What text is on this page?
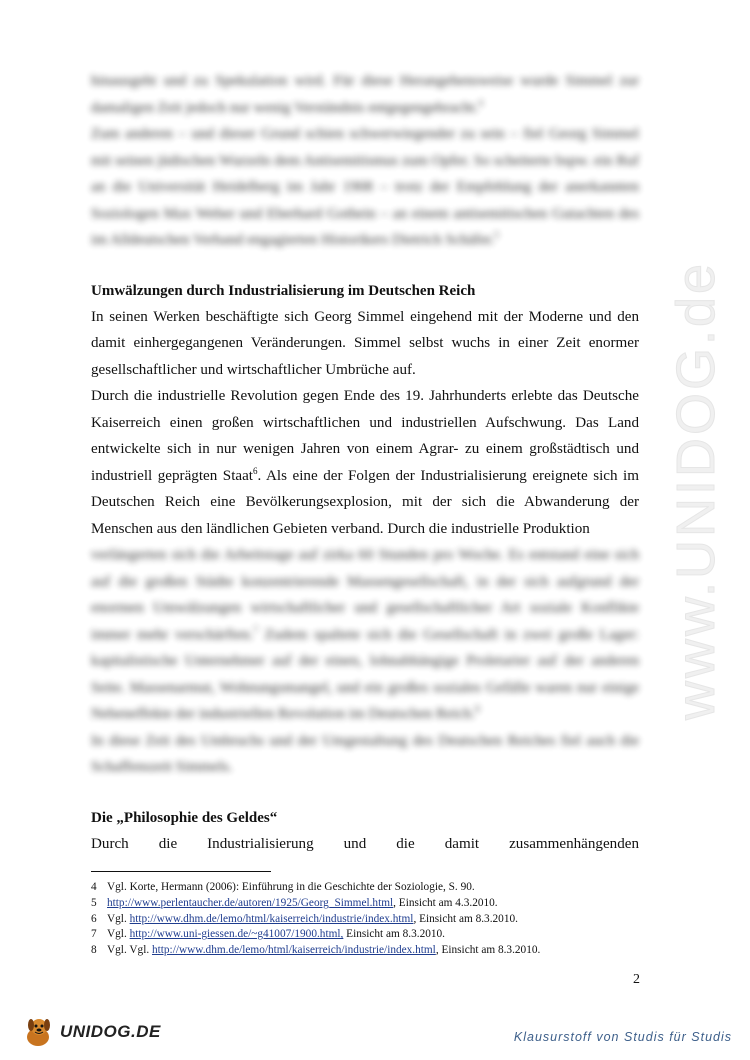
www.UNIDOG.de

hinausgeht und zu Spekulation wird. Für diese Herangehensweise wurde Simmel zur damaligen Zeit jedoch nur wenig Verständnis entgegengebracht.$^4$

Zum anderen – und dieser Grund schien schwerwiegender zu sein – fiel Georg Simmel mit seinen jüdischen Wurzeln dem Antisemitismus zum Opfer. So scheiterte bspw. ein Ruf an die Universität Heidelberg im Jahr 1908 – trotz der Empfehlung der anerkannten Soziologen Max Weber und Eberhard Gothein – an einem antisemitischen Gutachten des im Alldeutschen Verband engagierten Historikers Dietrich Schäfer.$^5$

Umwälzungen durch Industrialisierung im Deutschen Reich

In seinen Werken beschäftigte sich Georg Simmel eingehend mit der Moderne und den damit einhergegangenen Veränderungen. Simmel selbst wuchs in einer Zeit enormer gesellschaftlicher und wirtschaftlicher Umbrüche auf.

Durch die industrielle Revolution gegen Ende des 19. Jahrhunderts erlebte das Deutsche Kaiserreich einen großen wirtschaftlichen und industriellen Aufschwung. Das Land entwickelte sich in nur wenigen Jahren von einem Agrar- zu einem großstädtisch und industriell geprägten Staat$^6$. Als eine der Folgen der Industrialisierung ereignete sich im Deutschen Reich eine Bevölkerungsexplosion, mit der sich die Abwanderung der Menschen aus den ländlichen Gebieten verband. Durch die industrielle Produktion

verlängerten sich die Arbeitstage auf zirka 60 Stunden pro Woche. Es entstand eine sich auf die großen Städte konzentrierende Massengesellschaft, in der sich aufgrund der enormen Umwälzungen wirtschaftlicher und gesellschaftlicher Art soziale Konflikte immer mehr verschärften.$^7$ Zudem spaltete sich die Gesellschaft in zwei große Lager: kapitalistische Unternehmer auf der einen, lohnabhängige Proletarier auf der anderen Seite. Massenarmut, Wohnungsmangel, und ein großes soziales Gefälle waren nur einige Nebeneffekte der industriellen Revolution im Deutschen Reich.$^8$

In diese Zeit des Umbruchs und der Umgestaltung des Deutschen Reiches fiel auch die Schaffenszeit Simmels.

Die „Philosophie des Geldes“

Durch die Industrialisierung und die damit zusammenhängenden

4 Vgl. Korte, Hermann (2006): Einführung in die Geschichte der Soziologie, S. 90.
5 http://www.perlentaucher.de/autoren/1925/Georg_Simmel.html, Einsicht am 4.3.2010.
6 Vgl. http://www.dhm.de/lemo/html/kaiserreich/industrie/index.html, Einsicht am 8.3.2010.
7 Vgl. http://www.uni-giessen.de/~g41007/1900.html, Einsicht am 8.3.2010.
8 Vgl. Vgl. http://www.dhm.de/lemo/html/kaiserreich/industrie/index.html, Einsicht am 8.3.2010.
2
UNIDOG.DE	Klausurstoff von Studis für Studis
